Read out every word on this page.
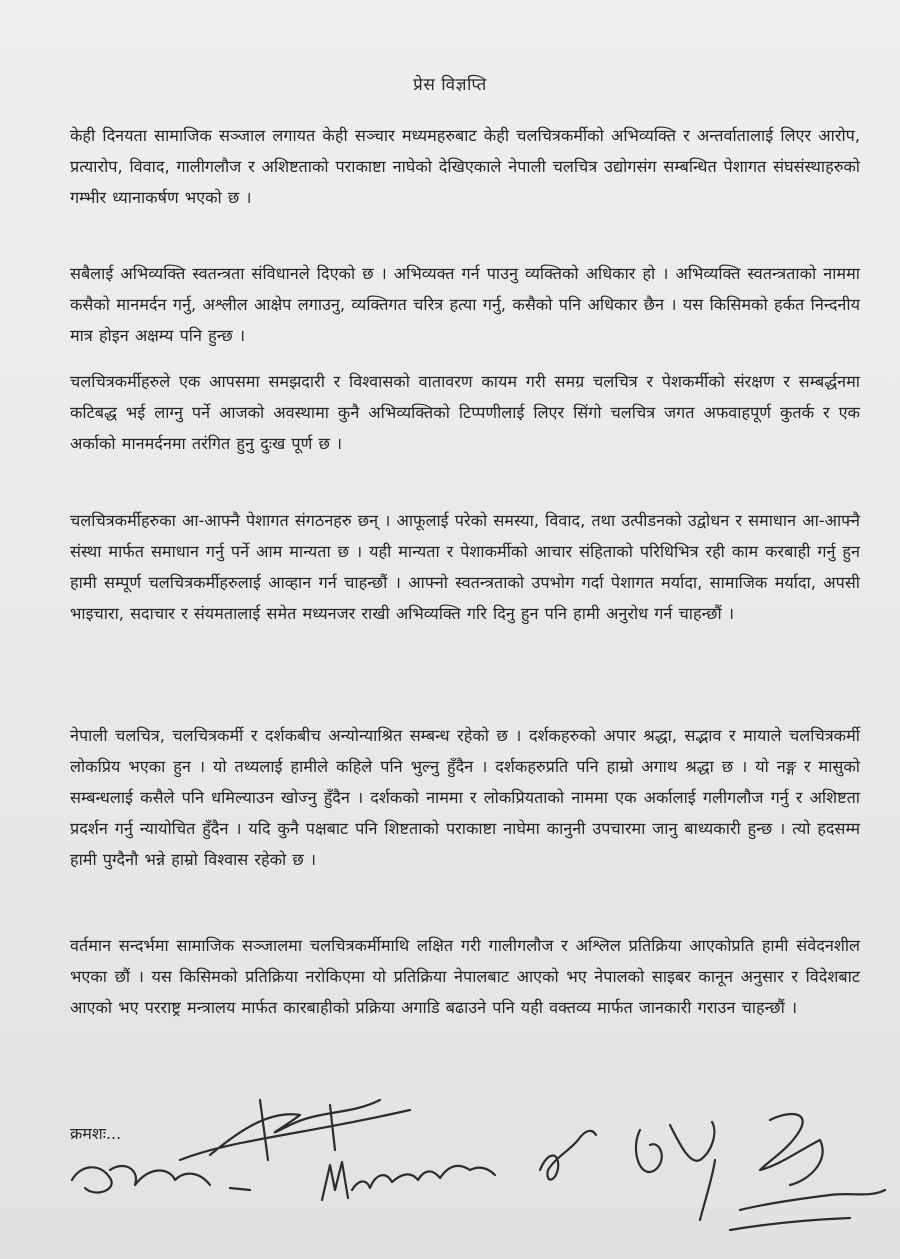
प्रेस विज्ञप्ति
केही दिनयता सामाजिक सञ्जाल लगायत केही सञ्चार मध्यमहरुबाट केही चलचित्रकर्मीको अभिव्यक्ति र अन्तर्वातालाई लिएर आरोप, प्रत्यारोप, विवाद, गालीगलौज र अशिष्टताको पराकाष्टा नाघेको देखिएकाले नेपाली चलचित्र उद्योगसंग सम्बन्धित पेशागत संघसंस्थाहरुको गम्भीर ध्यानाकर्षण भएको छ ।
सबैलाई अभिव्यक्ति स्वतन्त्रता संविधानले दिएको छ । अभिव्यक्त गर्न पाउनु व्यक्तिको अधिकार हो । अभिव्यक्ति स्वतन्त्रताको नाममा कसैको मानमर्दन गर्नु, अश्लील आक्षेप लगाउनु, व्यक्तिगत चरित्र हत्या गर्नु, कसैको पनि अधिकार छैन । यस किसिमको हर्कत निन्दनीय मात्र होइन अक्षम्य पनि हुन्छ ।
चलचित्रकर्मीहरुले एक आपसमा समझदारी र विश्वासको वातावरण कायम गरी समग्र चलचित्र र पेशकर्मीको संरक्षण र सम्बर्द्धनमा कटिबद्ध भई लाग्नु पर्ने आजको अवस्थामा कुनै अभिव्यक्तिको टिप्पणीलाई लिएर सिंगो चलचित्र जगत अफवाहपूर्ण कुतर्क र एक अर्काको मानमर्दनमा तरंगित हुनु दुःख पूर्ण छ ।
चलचित्रकर्मीहरुका आ-आफ्नै पेशागत संगठनहरु छन् । आफूलाई परेको समस्या, विवाद, तथा उत्पीडनको उद्वोधन र समाधान आ-आफ्नै संस्था मार्फत समाधान गर्नु पर्ने आम मान्यता छ । यही मान्यता र पेशाकर्मीको आचार संहिताको परिधिभित्र रही काम करबाही गर्नु हुन हामी सम्पूर्ण चलचित्रकर्मीहरुलाई आव्हान गर्न चाहन्छौं । आफ्नो स्वतन्त्रताको उपभोग गर्दा पेशागत मर्यादा, सामाजिक मर्यादा, अपसी भाइचारा, सदाचार र संयमतालाई समेत मध्यनजर राखी अभिव्यक्ति गरि दिनु हुन पनि हामी अनुरोध गर्न चाहन्छौं ।
नेपाली चलचित्र, चलचित्रकर्मी र दर्शकबीच अन्योन्याश्रित सम्बन्ध रहेको छ । दर्शकहरुको अपार श्रद्धा, सद्भाव र मायाले चलचित्रकर्मी लोकप्रिय भएका हुन । यो तथ्यलाई हामीले कहिले पनि भुल्नु हुँदैन । दर्शकहरुप्रति पनि हाम्रो अगाथ श्रद्धा छ । यो नङ्ग र मासुको सम्बन्धलाई कसैले पनि धमिल्याउन खोज्नु हुँदैन । दर्शकको नाममा र लोकप्रियताको नाममा एक अर्कालाई गलीगलौज गर्नु र अशिष्टता प्रदर्शन गर्नु न्यायोचित हुँदैन । यदि कुनै पक्षबाट पनि शिष्टताको पराकाष्टा नाघेमा कानुनी उपचारमा जानु बाध्यकारी हुन्छ । त्यो हदसम्म हामी पुग्दैनौ भन्ने हाम्रो विश्वास रहेको छ ।
वर्तमान सन्दर्भमा सामाजिक सञ्जालमा चलचित्रकर्मीमाथि लक्षित गरी गालीगलौज र अश्लिल प्रतिक्रिया आएकोप्रति हामी संवेदनशील भएका छौं । यस किसिमको प्रतिक्रिया नरोकिएमा यो प्रतिक्रिया नेपालबाट आएको भए नेपालको साइबर कानून अनुसार र विदेशबाट आएको भए परराष्ट्र मन्त्रालय मार्फत कारबाहीको प्रक्रिया अगाडि बढाउने पनि यही वक्तव्य मार्फत जानकारी गराउन चाहन्छौं ।
क्रमशः...
